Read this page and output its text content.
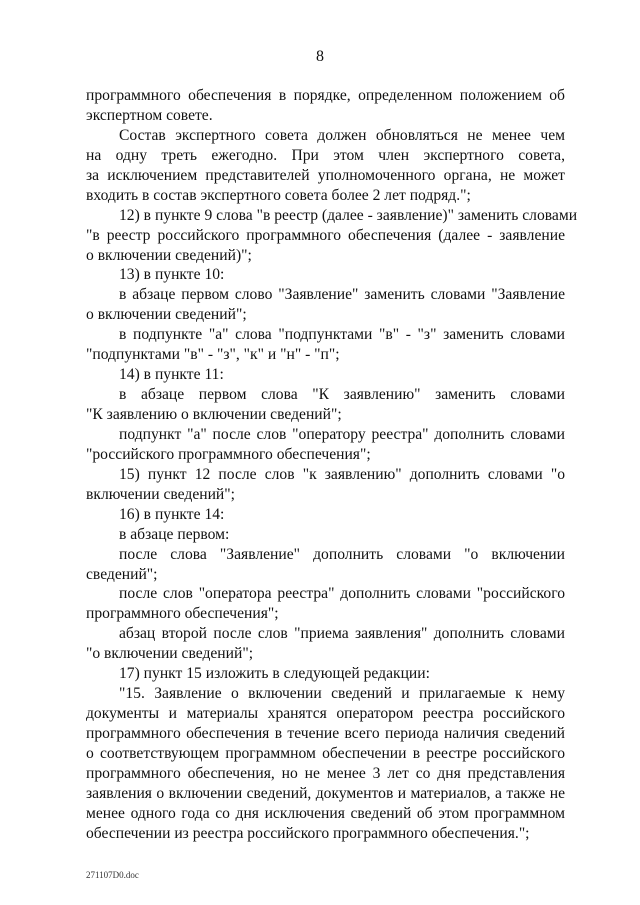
8
программного обеспечения в порядке, определенном положением об
экспертном совете.
Состав экспертного совета должен обновляться не менее чем
на одну треть ежегодно. При этом член экспертного совета,
за исключением представителей уполномоченного органа, не может
входить в состав экспертного совета более 2 лет подряд.";
12) в пункте 9 слова "в реестр (далее - заявление)" заменить словами
"в реестр российского программного обеспечения (далее - заявление
о включении сведений)";
13) в пункте 10:
в абзаце первом слово "Заявление" заменить словами "Заявление
о включении сведений";
в подпункте "а" слова "подпунктами "в" - "з" заменить словами
"подпунктами "в" - "з", "к" и "н" - "п";
14) в пункте 11:
в абзаце первом слова "К заявлению" заменить словами
"К заявлению о включении сведений";
подпункт "а" после слов "оператору реестра" дополнить словами
"российского программного обеспечения";
15) пункт 12 после слов "к заявлению" дополнить словами "о
включении сведений";
16) в пункте 14:
в абзаце первом:
после слова "Заявление" дополнить словами "о включении
сведений";
после слов "оператора реестра" дополнить словами "российского
программного обеспечения";
абзац второй после слов "приема заявления" дополнить словами
"о включении сведений";
17) пункт 15 изложить в следующей редакции:
"15. Заявление о включении сведений и прилагаемые к нему
документы и материалы хранятся оператором реестра российского
программного обеспечения в течение всего периода наличия сведений
о соответствующем программном обеспечении в реестре российского
программного обеспечения, но не менее 3 лет со дня представления
заявления о включении сведений, документов и материалов, а также не
менее одного года со дня исключения сведений об этом программном
обеспечении из реестра российского программного обеспечения.";
271107D0.doc
